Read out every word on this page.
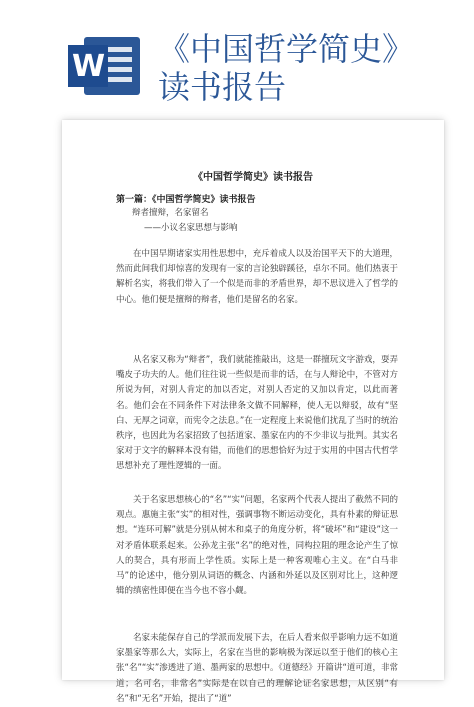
W 《中国哲学简史》
读书报告
《中国哲学简史》读书报告
第一篇：《中国哲学简史》读书报告
辩者擅辩，名家留名
——小议名家思想与影响

在中国早期诸家实用性思想中，充斥着成人以及治国平天下的大道理，然而此间我们却惊喜的发现有一家的言论独辟蹊径，卓尔不同。他们热衷于解析名实，将我们带入了一个似是而非的矛盾世界，却不思议进入了哲学的中心。他们便是擅辩的辩者，他们是留名的名家。

从名家又称为“辩者”，我们就能推敲出，这是一群擅玩文字游戏，耍弄嘴皮子功夫的人。他们往往说一些似是而非的话，在与人辩论中，不管对方所说为何，对别人肯定的加以否定，对别人否定的又加以肯定，以此而著名。他们会在不同条件下对法律条文做不同解释，使人无以辩驳，故有“坚白、无厚之词章，而宪令之法息。”在一定程度上来说他们扰乱了当时的统治秩序，也因此为名家招致了包括道家、墨家在内的不少非议与批判。其实名家对于文字的解释本没有错，而他们的思想恰好为过于实用的中国古代哲学思想补充了理性逻辑的一面。

关于名家思想核心的“名”“实”问题，名家两个代表人提出了截然不同的观点。惠施主张“实”的相对性，强调事物不断运动变化，具有朴素的辩证思想。“连环可解”就是分别从树木和桌子的角度分析，将“破坏”和“建设”这一对矛盾体联系起来。公孙龙主张“名”的绝对性，同构拉阻的理念论产生了惊人的契合，具有形而上学性质。实际上是一种客观唯心主义。在“白马非马”的论述中，他分别从词语的概念、内涵和外延以及区别对比上，这种逻辑的缜密性即便在当今也不容小觑。

名家未能保存自己的学派而发展下去，在后人看来似乎影响力远不如道家墨家等那么大，实际上，名家在当世的影响极为深远以至于他们的核心主张“名”“实”渗透进了道、墨两家的思想中。《道德经》开篇讲“道可道，非常道；名可名，非常名”实际是在以自己的理解论证名家思想，从区别“有名”和“无名”开始，提出了“道”
